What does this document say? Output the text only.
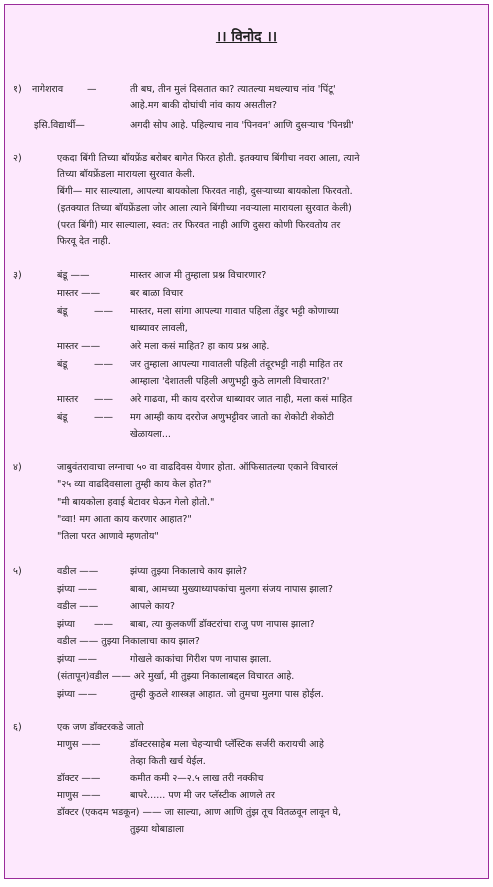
।। विनोद ।।
१) नागेशराव	—	ती बघ, तीन मुलं दिसतात का? त्यातल्या मधल्याच नांव 'पिंटू'
आहे.मग बाकी दोघांची नांव काय असतील?
इसि.विद्यार्थी—	अगदी सोप आहे. पहिल्याच नाव 'पिनवन' आणि दुसऱ्याच 'पिनथ्री'
२)	एकदा बिंगी तिच्या बॉयफ्रेंड बरोबर बागेत फिरत होती. इतक्याच बिंगीचा नवरा आला, त्याने
तिच्या बॉयफ्रेंडला मारायला सुरवात केली.
बिंगी— मार साल्याला, आपल्या बायकोला फिरवत नाही, दुसऱ्याच्या बायकोला फिरवतो.
(इतक्यात तिच्या बॉयफ्रेंडला जोर आला त्याने बिंगीच्या नवऱ्याला मारायला सुरवात केली)
(परत बिंगी) मार साल्याला, स्वत: तर फिरवत नाही आणि दुसरा कोणी फिरवतोय तर
फिरवू देत नाही.
३)	बंडू ——	मास्तर आज मी तुम्हाला प्रश्न विचारणार?
मास्तर ——	बर बाळा विचार
बंडू	—— मास्तर, मला सांगा आपल्या गावात पहिला तेंडुर भट्टी कोणाच्या
धाब्यावर लावली,
मास्तर ——	अरे मला कसं माहित? हा काय प्रश्न आहे.
बंडू	—— जर तुम्हाला आपल्या गावातली पहिली तंदूरभट्टी नाही माहित तर
आम्हाला 'देशातली पहिली अणुभट्टी कुठे लागली विचारता?'
मास्तर —— अरे गाढवा, मी काय दररोज धाब्यावर जात नाही, मला कसं माहित
बंडू	—— मग आम्ही काय दररोज अणुभट्टीवर जातो का शेकोटी शेकोटी
खेळायला...
४)	जाबुवंतरावाचा लग्नाचा ५० वा वाढदिवस येणार होता. ऑफिसातल्या एकाने विचारलं
"२५ व्या वाढदिवसाला तुम्ही काय केल होत?"
"मी बायकोला हवाई बेटावर घेऊन गेलो होतो."
"व्वा! मग आता काय करणार आहात?"
"तिला परत आणावे म्हणतोय"
५)	वडील ——	झंप्या तुझ्या निकालाचे काय झाले?
झंप्या ——	बाबा, आमच्या मुख्याध्यापकांचा मुलगा संजय नापास झाला?
वडील ——	आपले काय?
झंप्या —— बाबा, त्या कुलकर्णी डॉक्टरांचा राजु पण नापास झाला?
वडील —— तुझ्या निकालाचा काय झाल?
झंप्या ——	गोखले काकांचा गिरीश पण नापास झाला.
(संतापून)वडील —— अरे मुर्खा, मी तुझ्या निकालाबद्दल विचारत आहे.
झंप्या ——	तुम्ही कुठले शास्त्रज्ञ आहात. जो तुमचा मुलगा पास होईल.
६)	एक जण डॉक्टरकडे जातो
माणुस ——	डॉक्टरसाहेब मला चेहऱ्याची प्लॅस्टिक सर्जरी करायची आहे
तेव्हा किती खर्च येईल.
डॉक्टर ——	कमीत कमी २—२.५ लाख तरी नक्कीच
माणुस ——	बापरे...... पण मी जर प्लॅस्टीक आणले तर
डॉक्टर (एकदम भडकून) —— जा साल्या, आण आणि तुंझ तूच वितळवून लावून घे,
तुझ्या थोबाडाला
